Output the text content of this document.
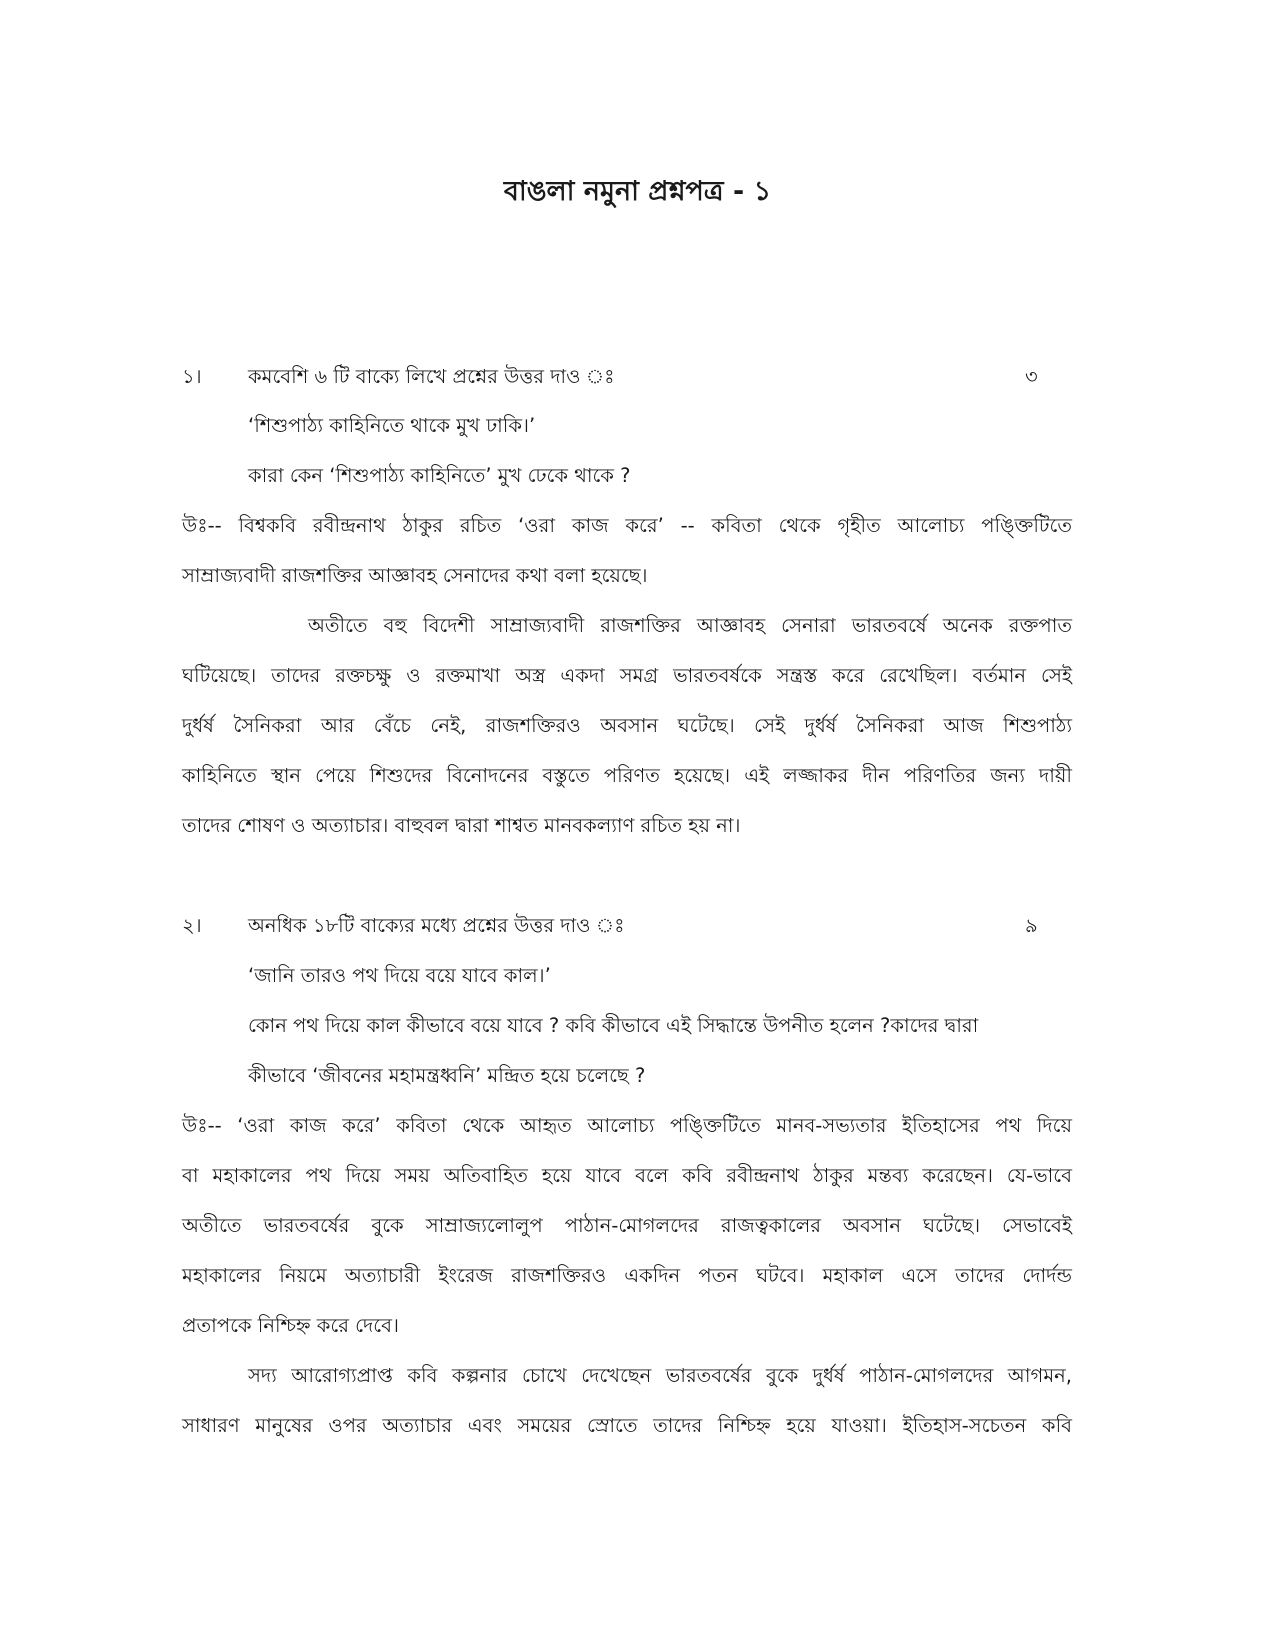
বাঙলা নমুনা প্রশ্নপত্র - ১
১। কমবেশি ৬ টি বাক্যে লিখে প্রশ্নের উত্তর দাও ঃ	৩
‘শিশুপাঠ্য কাহিনিতে থাকে মুখ ঢাকি।’
কারা কেন ‘শিশুপাঠ্য কাহিনিতে’ মুখ ঢেকে থাকে ?
উঃ-- বিশ্বকবি রবীন্দ্রনাথ ঠাকুর রচিত ‘ওরা কাজ করে’ -- কবিতা থেকে গৃহীত আলোচ্য পঙ্ক্তিটিতে
সাম্রাজ্যবাদী রাজশক্তির আজ্ঞাবহ সেনাদের কথা বলা হয়েছে।
অতীতে বহু বিদেশী সাম্রাজ্যবাদী রাজশক্তির আজ্ঞাবহ সেনারা ভারতবর্ষে অনেক রক্তপাত
ঘটিয়েছে। তাদের রক্তচক্ষু ও রক্তমাখা অস্ত্র একদা সমগ্র ভারতবর্ষকে সন্ত্রস্ত করে রেখেছিল। বর্তমান সেই
দুর্ধর্ষ সৈনিকরা আর বেঁচে নেই, রাজশক্তিরও অবসান ঘটেছে। সেই দুর্ধর্ষ সৈনিকরা আজ শিশুপাঠ্য
কাহিনিতে স্থান পেয়ে শিশুদের বিনোদনের বস্তুতে পরিণত হয়েছে। এই লজ্জাকর দীন পরিণতির জন্য দায়ী
তাদের শোষণ ও অত্যাচার। বাহুবল দ্বারা শাশ্বত মানবকল্যাণ রচিত হয় না।
২। অনধিক ১৮টি বাক্যের মধ্যে প্রশ্নের উত্তর দাও ঃ	৯
‘জানি তারও পথ দিয়ে বয়ে যাবে কাল।’
কোন পথ দিয়ে কাল কীভাবে বয়ে যাবে ? কবি কীভাবে এই সিদ্ধান্তে উপনীত হলেন ?কাদের দ্বারা
কীভাবে ‘জীবনের মহামন্ত্রধ্বনি’ মন্দ্রিত হয়ে চলেছে ?
উঃ-- ‘ওরা কাজ করে’ কবিতা থেকে আহৃত আলোচ্য পঙ্ক্তিটিতে মানব-সভ্যতার ইতিহাসের পথ দিয়ে
বা মহাকালের পথ দিয়ে সময় অতিবাহিত হয়ে যাবে বলে কবি রবীন্দ্রনাথ ঠাকুর মন্তব্য করেছেন। যে-ভাবে
অতীতে ভারতবর্ষের বুকে সাম্রাজ্যলোলুপ পাঠান-মোগলদের রাজত্বকালের অবসান ঘটেছে। সেভাবেই
মহাকালের নিয়মে অত্যাচারী ইংরেজ রাজশক্তিরও একদিন পতন ঘটবে। মহাকাল এসে তাদের দোর্দন্ড
প্রতাপকে নিশ্চিহ্ন করে দেবে।
সদ্য আরোগ্যপ্রাপ্ত কবি কল্পনার চোখে দেখেছেন ভারতবর্ষের বুকে দুর্ধর্ষ পাঠান-মোগলদের আগমন,
সাধারণ মানুষের ওপর অত্যাচার এবং সময়ের স্রোতে তাদের নিশ্চিহ্ন হয়ে যাওয়া। ইতিহাস-সচেতন কবি
